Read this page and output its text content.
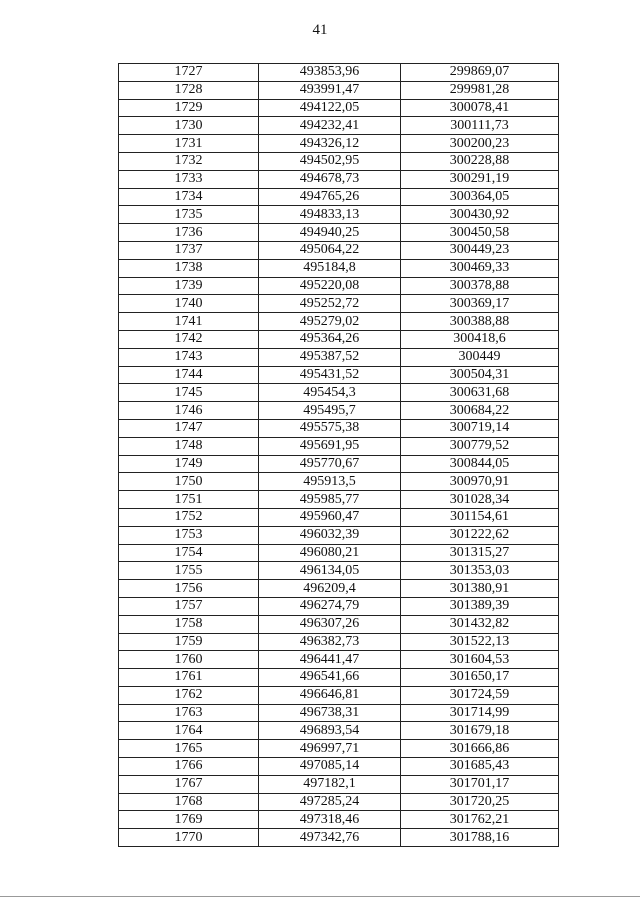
41
1727	493853,96	299869,07
1728	493991,47	299981,28
1729	494122,05	300078,41
1730	494232,41	300111,73
1731	494326,12	300200,23
1732	494502,95	300228,88
1733	494678,73	300291,19
1734	494765,26	300364,05
1735	494833,13	300430,92
1736	494940,25	300450,58
1737	495064,22	300449,23
1738	495184,8	300469,33
1739	495220,08	300378,88
1740	495252,72	300369,17
1741	495279,02	300388,88
1742	495364,26	300418,6
1743	495387,52	300449
1744	495431,52	300504,31
1745	495454,3	300631,68
1746	495495,7	300684,22
1747	495575,38	300719,14
1748	495691,95	300779,52
1749	495770,67	300844,05
1750	495913,5	300970,91
1751	495985,77	301028,34
1752	495960,47	301154,61
1753	496032,39	301222,62
1754	496080,21	301315,27
1755	496134,05	301353,03
1756	496209,4	301380,91
1757	496274,79	301389,39
1758	496307,26	301432,82
1759	496382,73	301522,13
1760	496441,47	301604,53
1761	496541,66	301650,17
1762	496646,81	301724,59
1763	496738,31	301714,99
1764	496893,54	301679,18
1765	496997,71	301666,86
1766	497085,14	301685,43
1767	497182,1	301701,17
1768	497285,24	301720,25
1769	497318,46	301762,21
1770	497342,76	301788,16
